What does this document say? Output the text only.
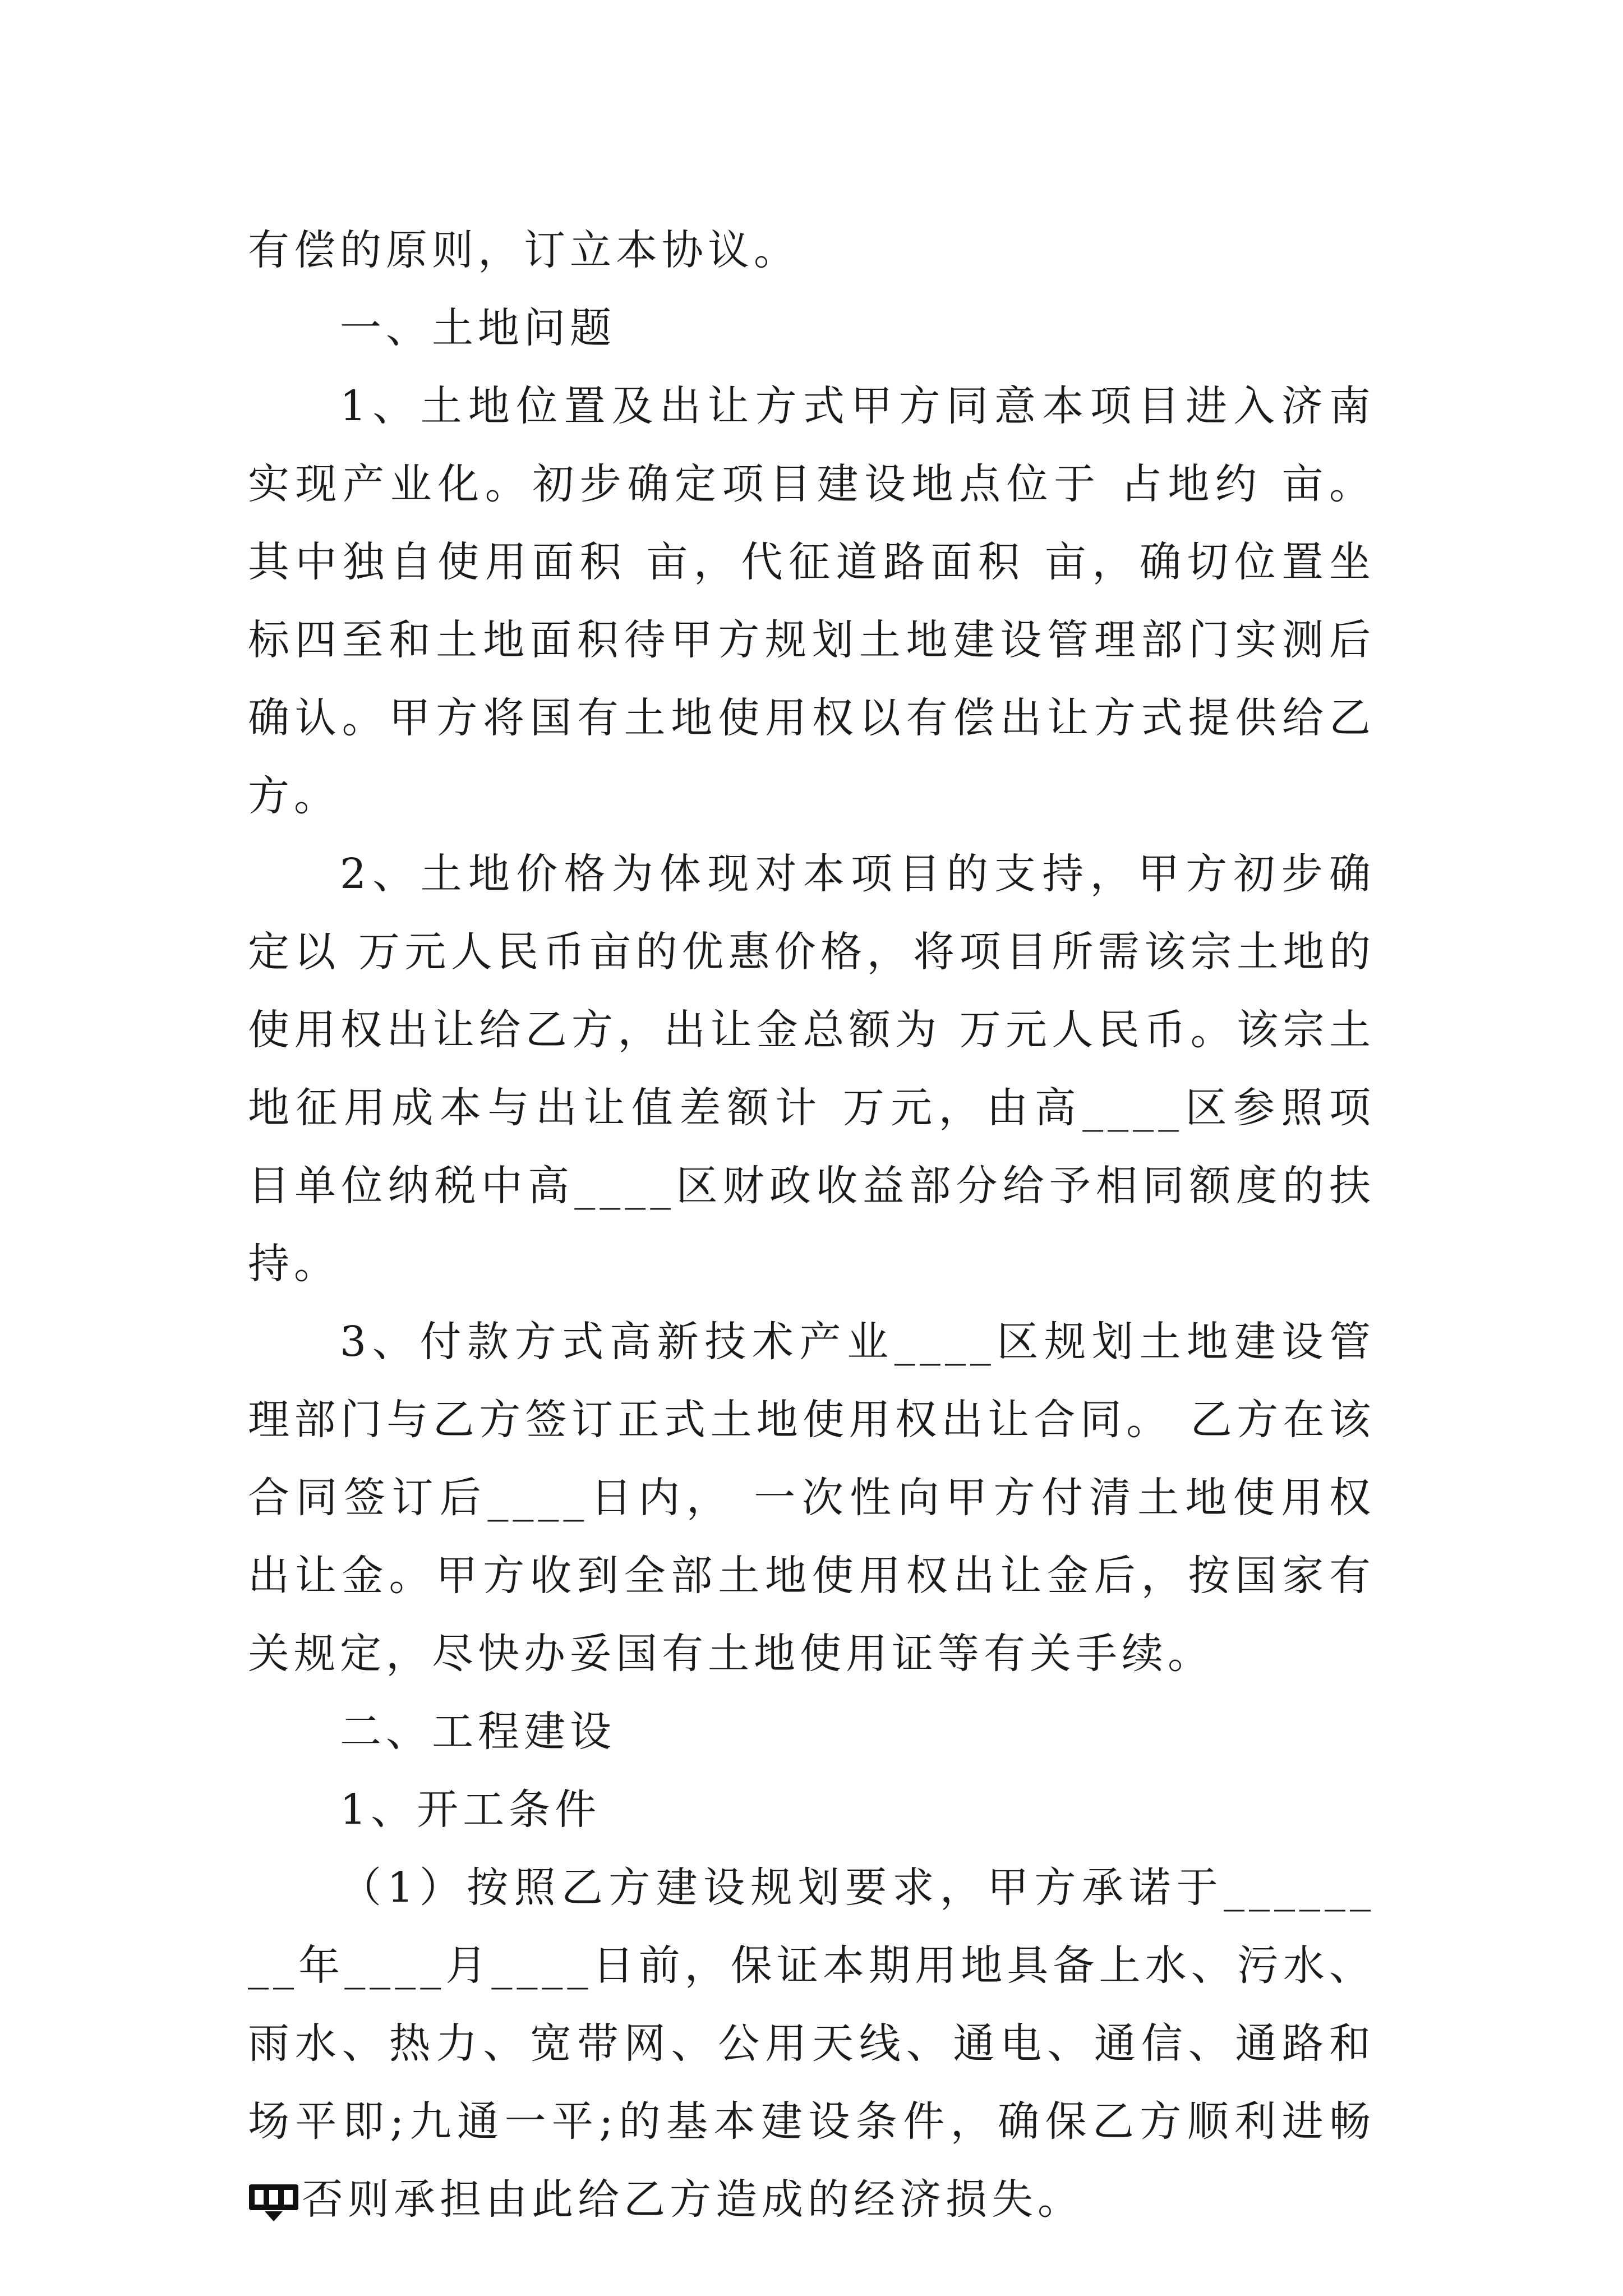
有偿的原则，订立本协议。

一、土地问题

1、土地位置及出让方式甲方同意本项目进入济南实现产业化。初步确定项目建设地点位于 占地约 亩。其中独自使用面积 亩，代征道路面积 亩，确切位置坐标四至和土地面积待甲方规划土地建设管理部门实测后确认。甲方将国有土地使用权以有偿出让方式提供给乙方。

2、土地价格为体现对本项目的支持，甲方初步确定以 万元人民币亩的优惠价格，将项目所需该宗土地的使用权出让给乙方，出让金总额为 万元人民币。该宗土地征用成本与出让值差额计 万元，由高____区参照项目单位纳税中高____区财政收益部分给予相同额度的扶持。

3、付款方式高新技术产业____区规划土地建设管理部门与乙方签订正式土地使用权出让合同。 乙方在该合同签订后____日内， 一次性向甲方付清土地使用权出让金。甲方收到全部土地使用权出让金后，按国家有关规定，尽快办妥国有土地使用证等有关手续。

二、工程建设

1、开工条件

（1）按照乙方建设规划要求，甲方承诺于________年____月____日前，保证本期用地具备上水、污水、雨水、热力、宽带网、公用天线、通电、通信、通路和场平即;九通一平;的基本建设条件，确保乙方顺利进畅
否则承担由此给乙方造成的经济损失。
